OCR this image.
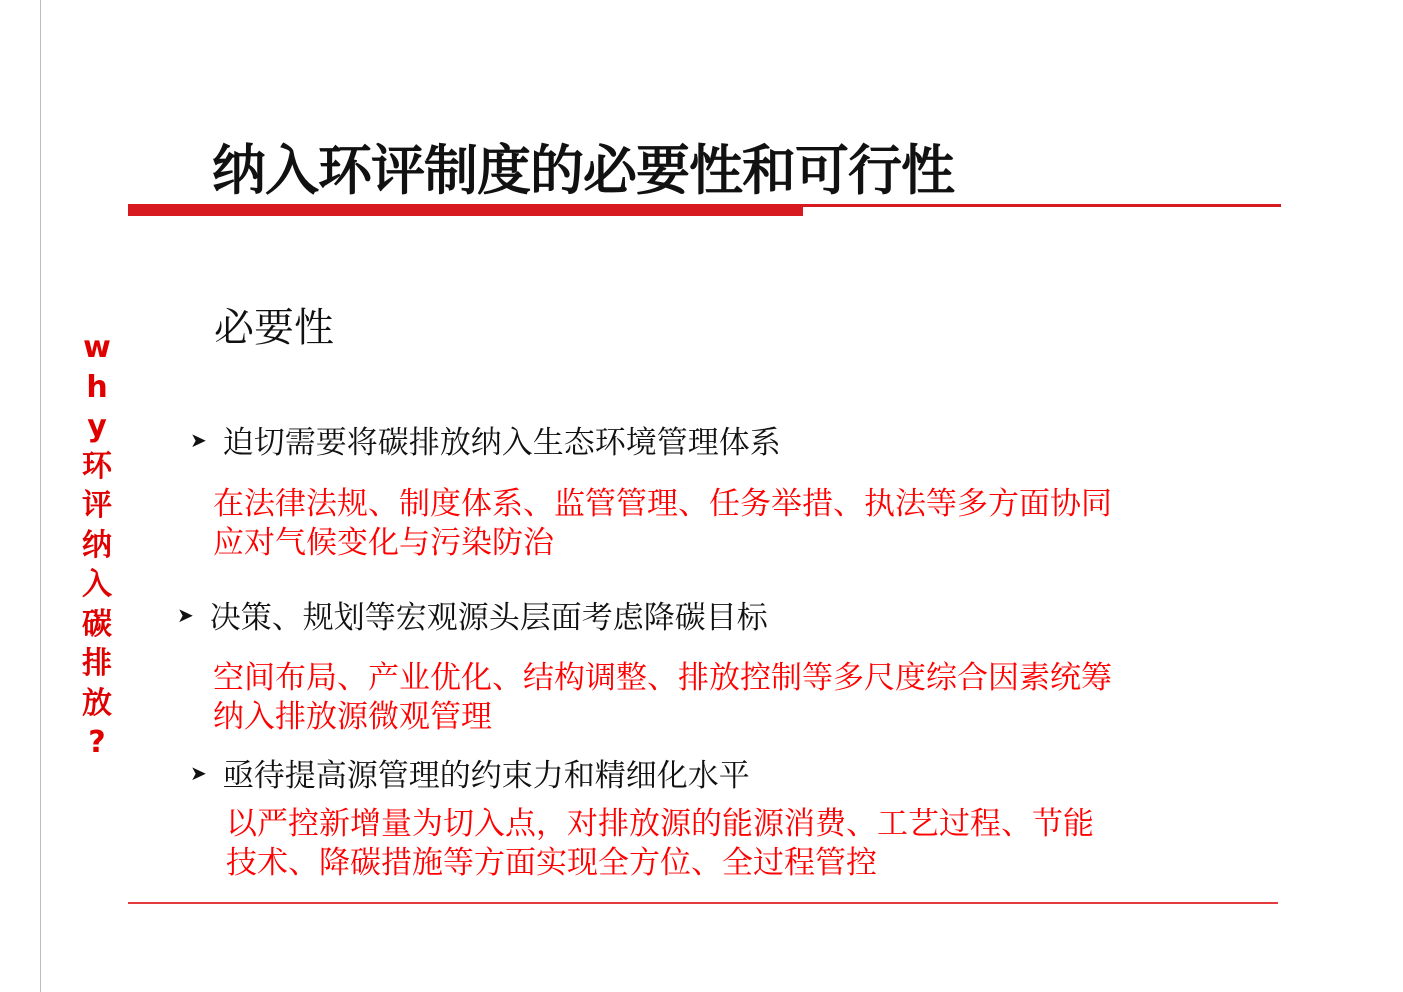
纳入环评制度的必要性和可行性
w
h
y
环
评
纳
入
碳
排
放
?
必要性
➤ 迫切需要将碳排放纳入生态环境管理体系
在法律法规、制度体系、监管管理、任务举措、执法等多方面协同
应对气候变化与污染防治
➤ 决策、规划等宏观源头层面考虑降碳目标
空间布局、产业优化、结构调整、排放控制等多尺度综合因素统筹
纳入排放源微观管理
➤ 亟待提高源管理的约束力和精细化水平
以严控新增量为切入点，对排放源的能源消费、工艺过程、节能
技术、降碳措施等方面实现全方位、全过程管控
